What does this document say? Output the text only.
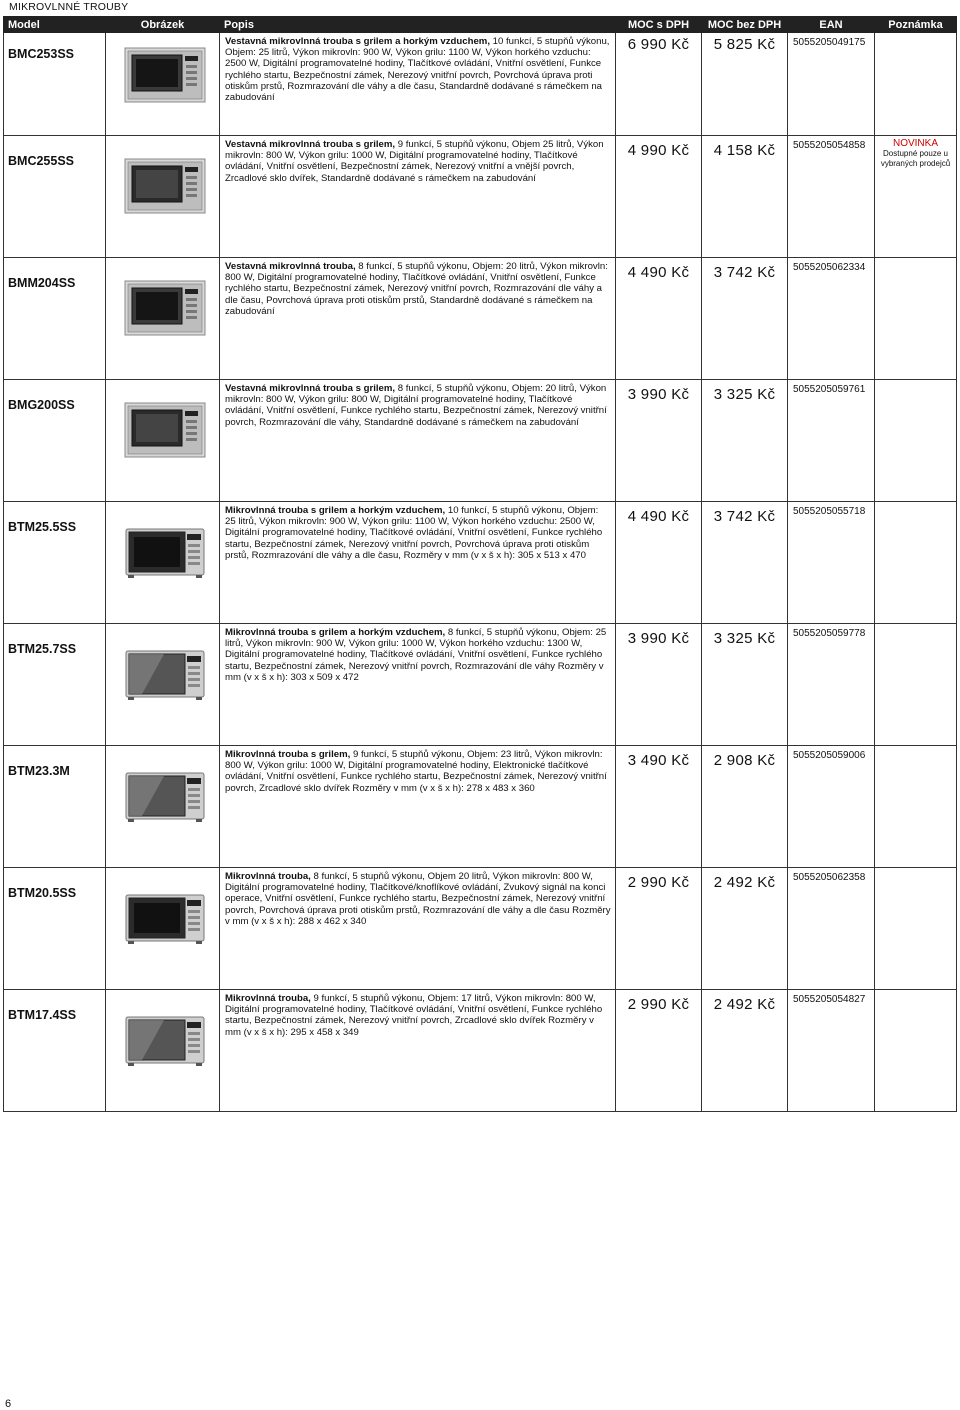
MIKROVLNNÉ TROUBY
Model	Obrázek	Popis	MOC s DPH	MOC bez DPH	EAN	Poznámka
BMC253SS		Vestavná mikrovlnná trouba s grilem a horkým vzduchem, 10 funkcí, 5 stupňů výkonu, Objem: 25 litrů, Výkon mikrovln: 900 W, Výkon grilu: 1100 W, Výkon horkého vzduchu: 2500 W, Digitální programovatelné hodiny, Tlačítkové ovládání, Vnitřní osvětlení, Funkce rychlého startu, Bezpečnostní zámek, Nerezový vnitřní povrch, Povrchová úprava proti otiskům prstů, Rozmrazování dle váhy a dle času, Standardně dodávané s rámečkem na zabudování	6 990 Kč	5 825 Kč	5055205049175	

BMC255SS		Vestavná mikrovlnná trouba s grilem, 9 funkcí, 5 stupňů výkonu, Objem 25 litrů, Výkon mikrovln: 800 W, Výkon grilu: 1000 W, Digitální programovatelné hodiny, Tlačítkové ovládání, Vnitřní osvětlení, Bezpečnostní zámek, Nerezový vnitřní a vnější povrch, Zrcadlové sklo dvířek, Standardně dodávané s rámečkem na zabudování	4 990 Kč	4 158 Kč	5055205054858	NOVINKA
Dostupné pouze u vybraných prodejců
BMM204SS		Vestavná mikrovlnná trouba, 8 funkcí, 5 stupňů výkonu, Objem: 20 litrů, Výkon mikrovln: 800 W, Digitální programovatelné hodiny, Tlačítkové ovládání, Vnitřní osvětlení, Funkce rychlého startu, Bezpečnostní zámek, Nerezový vnitřní povrch, Rozmrazování dle váhy a dle času, Povrchová úprava proti otiskům prstů, Standardně dodávané s rámečkem na zabudování	4 490 Kč	3 742 Kč	5055205062334	

BMG200SS		Vestavná mikrovlnná trouba s grilem, 8 funkcí, 5 stupňů výkonu, Objem: 20 litrů, Výkon mikrovln: 800 W, Výkon grilu: 800 W, Digitální programovatelné hodiny, Tlačítkové ovládání, Vnitřní osvětlení, Funkce rychlého startu, Bezpečnostní zámek, Nerezový vnitřní povrch, Rozmrazování dle váhy, Standardně dodávané s rámečkem na zabudování	3 990 Kč	3 325 Kč	5055205059761	

BTM25.5SS		Mikrovlnná trouba s grilem a horkým vzduchem, 10 funkcí, 5 stupňů výkonu, Objem: 25 litrů, Výkon mikrovln: 900 W, Výkon grilu: 1100 W, Výkon horkého vzduchu: 2500 W, Digitální programovatelné hodiny, Tlačítkové ovládání, Vnitřní osvětlení, Funkce rychlého startu, Bezpečnostní zámek, Nerezový vnitřní povrch, Povrchová úprava proti otiskům prstů, Rozmrazování dle váhy a dle času, Rozměry v mm (v x š x h): 305 x 513 x 470	4 490 Kč	3 742 Kč	5055205055718	

BTM25.7SS		Mikrovlnná trouba s grilem a horkým vzduchem, 8 funkcí, 5 stupňů výkonu, Objem: 25 litrů, Výkon mikrovln: 900 W, Výkon grilu: 1000 W, Výkon horkého vzduchu: 1300 W, Digitální programovatelné hodiny, Tlačítkové ovládání, Vnitřní osvětlení, Funkce rychlého startu, Bezpečnostní zámek, Nerezový vnitřní povrch, Rozmrazování dle váhy Rozměry v mm (v x š x h): 303 x 509 x 472	3 990 Kč	3 325 Kč	5055205059778	

BTM23.3M		Mikrovlnná trouba s grilem, 9 funkcí, 5 stupňů výkonu, Objem: 23 litrů, Výkon mikrovln: 800 W, Výkon grilu: 1000 W, Digitální programovatelné hodiny, Elektronické tlačítkové ovládání, Vnitřní osvětlení, Funkce rychlého startu, Bezpečnostní zámek, Nerezový vnitřní povrch, Zrcadlové sklo dvířek Rozměry v mm (v x š x h): 278 x 483 x 360	3 490 Kč	2 908 Kč	5055205059006	

BTM20.5SS		Mikrovlnná trouba, 8 funkcí, 5 stupňů výkonu, Objem 20 litrů, Výkon mikrovln: 800 W, Digitální programovatelné hodiny, Tlačítkové/knoflíkové ovládání, Zvukový signál na konci operace, Vnitřní osvětlení, Funkce rychlého startu, Bezpečnostní zámek, Nerezový vnitřní povrch, Povrchová úprava proti otiskům prstů, Rozmrazování dle váhy a dle času Rozměry v mm (v x š x h): 288 x 462 x 340	2 990 Kč	2 492 Kč	5055205062358	

BTM17.4SS		Mikrovlnná trouba, 9 funkcí, 5 stupňů výkonu, Objem: 17 litrů, Výkon mikrovln: 800 W, Digitální programovatelné hodiny, Tlačítkové ovládání, Vnitřní osvětlení, Funkce rychlého startu, Bezpečnostní zámek, Nerezový vnitřní povrch, Zrcadlové sklo dvířek Rozměry v mm (v x š x h): 295 x 458 x 349	2 990 Kč	2 492 Kč	5055205054827	
6
